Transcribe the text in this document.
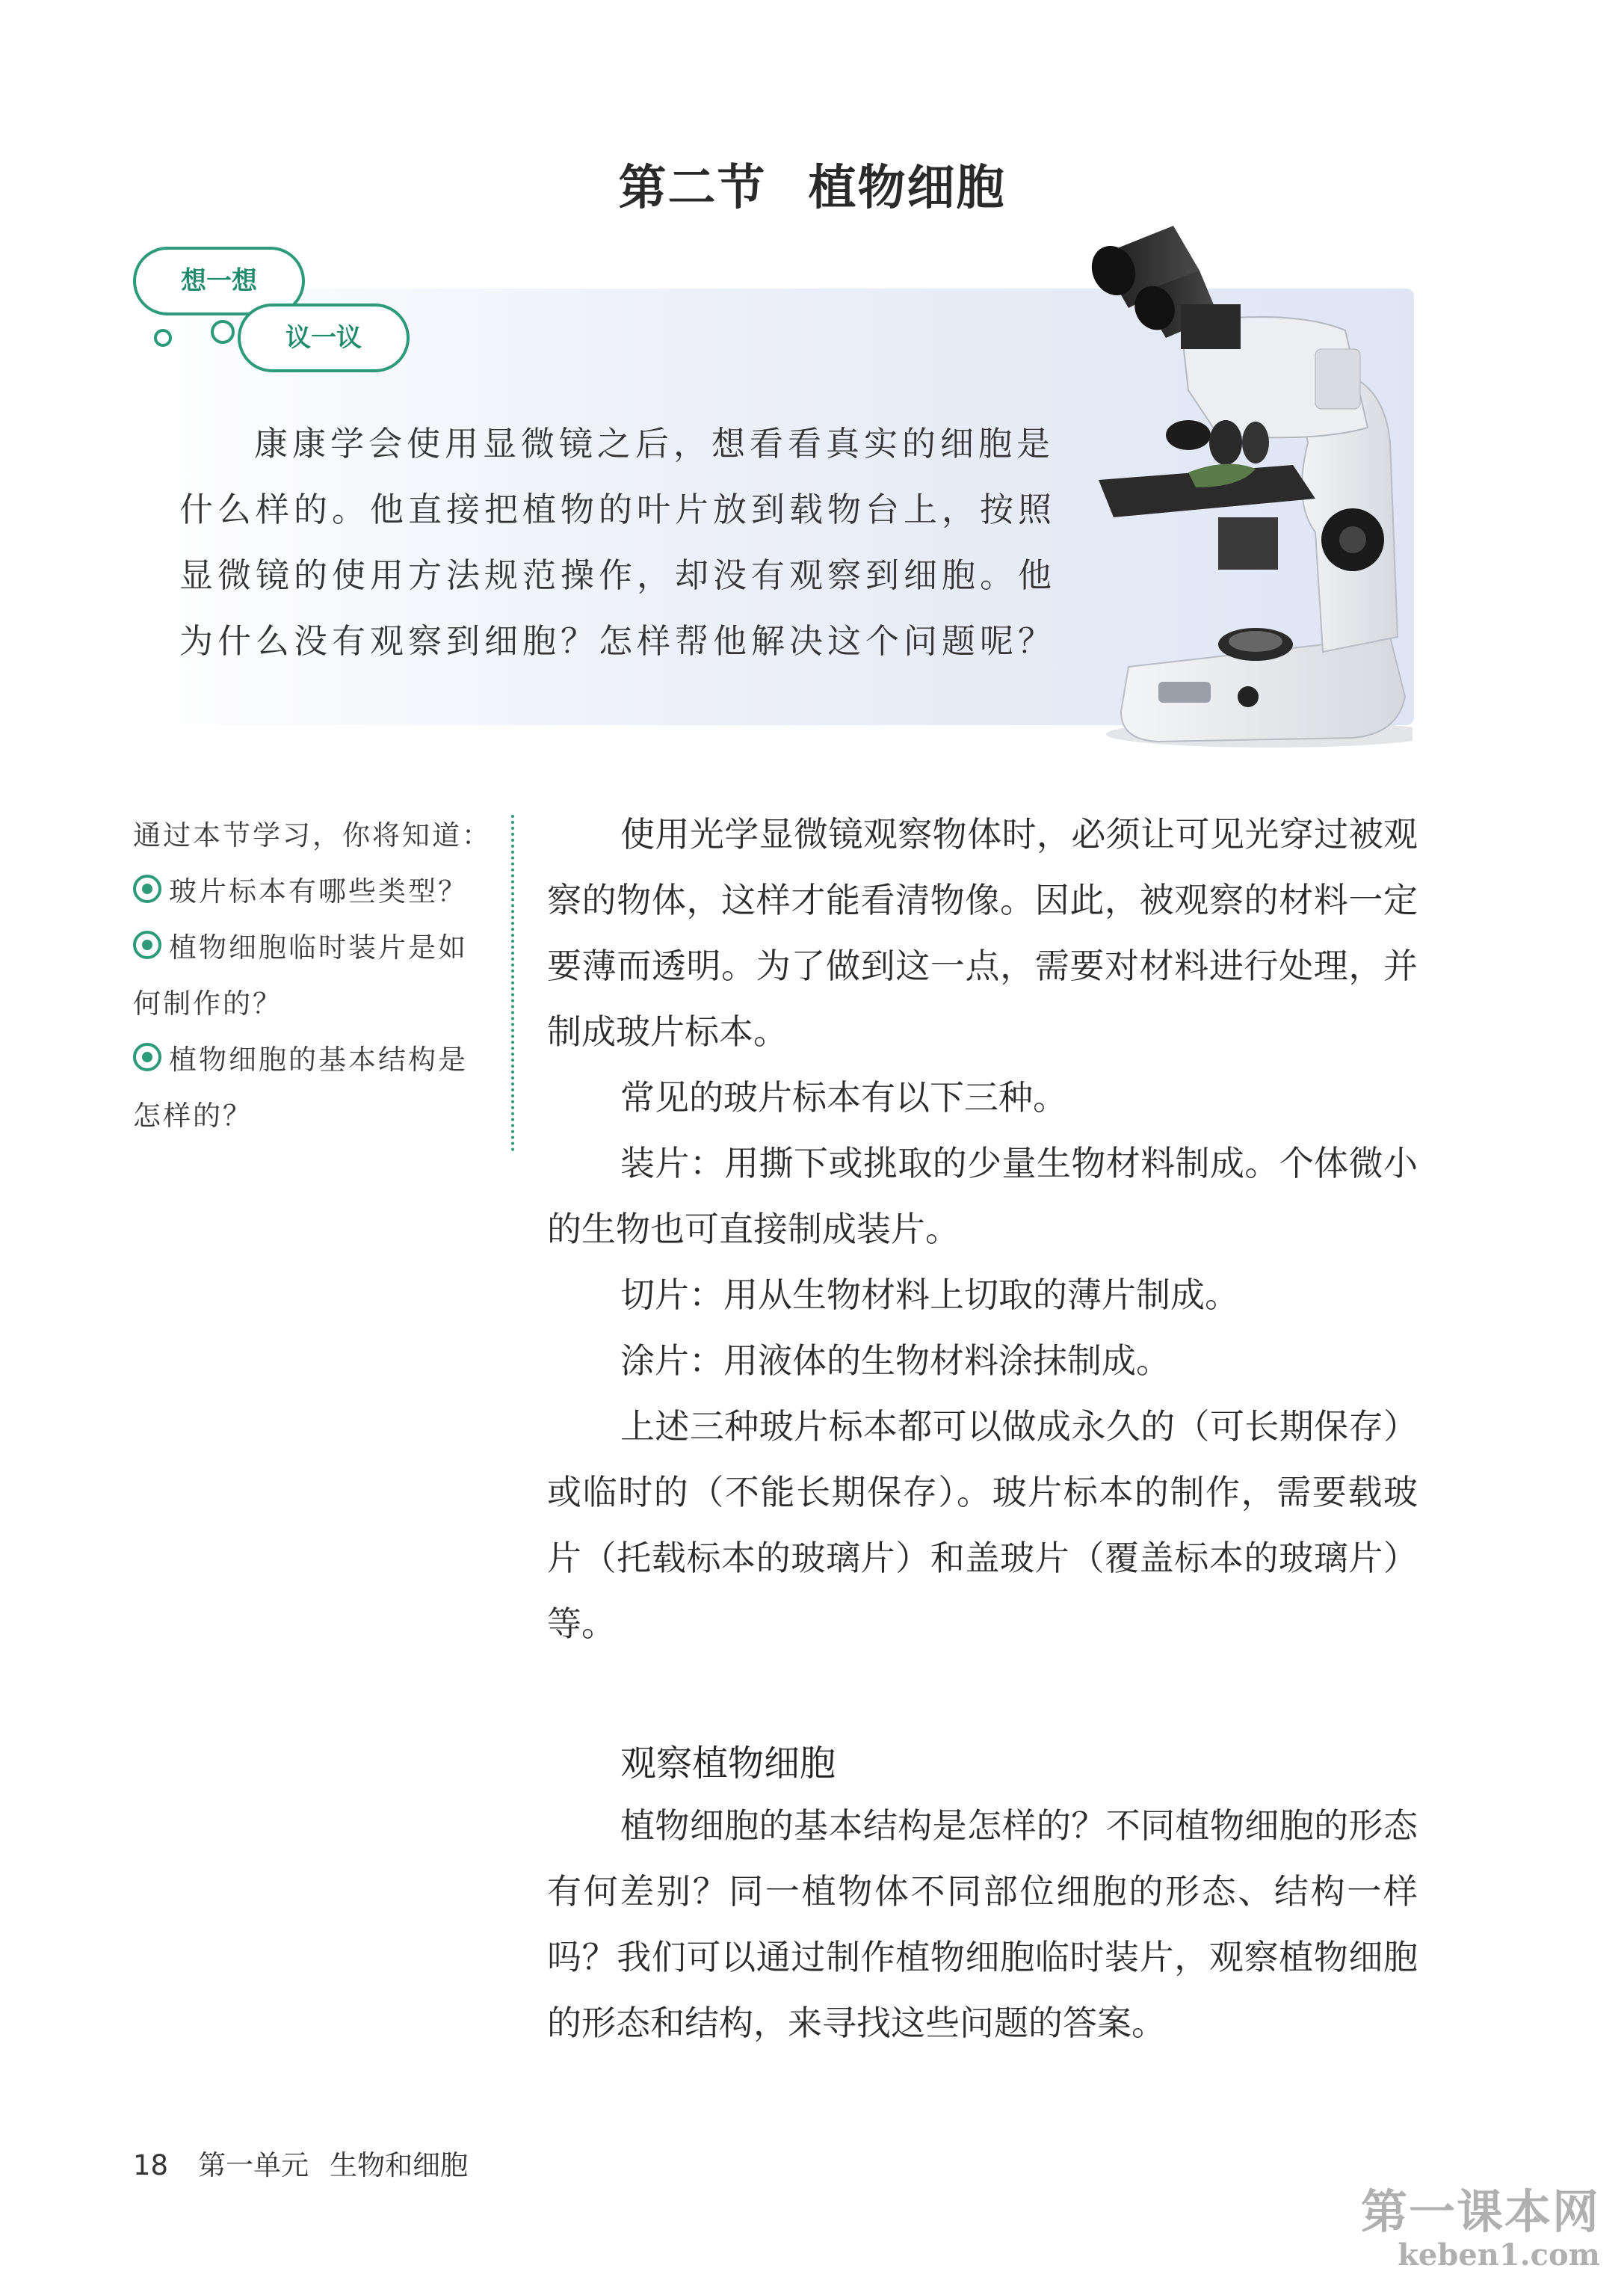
第二节 植物细胞
想一想
议一议

康康学会使用显微镜之后，想看看真实的细胞是

什么样的。他直接把植物的叶片放到载物台上，按照

显微镜的使用方法规范操作，却没有观察到细胞。他

为什么没有观察到细胞？怎样帮他解决这个问题呢？

通过本节学习，你将知道：

玻片标本有哪些类型？

植物细胞临时装片是如何制作的？

植物细胞的基本结构是怎样的？

使用光学显微镜观察物体时，必须让可见光穿过被观察的物体，这样才能看清物像。因此，被观察的材料一定要薄而透明。为了做到这一点，需要对材料进行处理，并制成玻片标本。

常见的玻片标本有以下三种。

装片：用撕下或挑取的少量生物材料制成。个体微小的生物也可直接制成装片。

切片：用从生物材料上切取的薄片制成。

涂片：用液体的生物材料涂抹制成。

上述三种玻片标本都可以做成永久的（可长期保存）或临时的（不能长期保存）。玻片标本的制作，需要载玻片（托载标本的玻璃片）和盖玻片（覆盖标本的玻璃片）等。

观察植物细胞

植物细胞的基本结构是怎样的？不同植物细胞的形态有何差别？同一植物体不同部位细胞的形态、结构一样吗？我们可以通过制作植物细胞临时装片，观察植物细胞的形态和结构，来寻找这些问题的答案。

18 第一单元 生物和细胞
第一课本网
keben1.com
